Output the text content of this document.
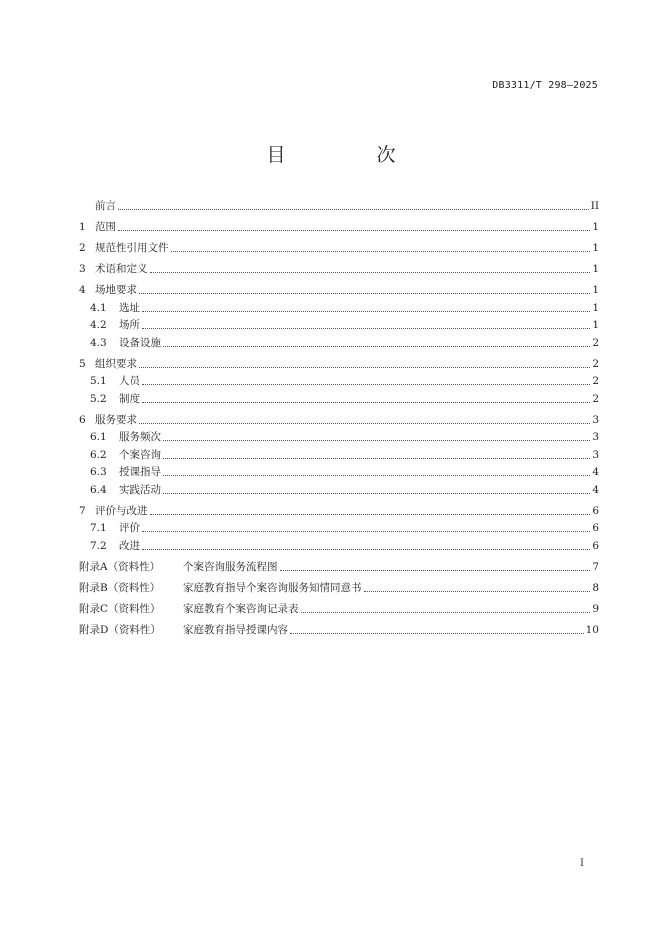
DB3311/T 298—2025
目　次
前言	II
1 范围	1
2 规范性引用文件	1
3 术语和定义	1
4 场地要求	1
4.1	选址	1
4.2	场所	1
4.3	设备设施	2
5 组织要求	2
5.1	人员	2
5.2	制度	2
6 服务要求	3
6.1	服务频次	3
6.2	个案咨询	3
6.3	授课指导	4
6.4	实践活动	4
7 评价与改进	6
7.1	评价	6
7.2	改进	6
附录A（资料性）	个案咨询服务流程图	7
附录B（资料性）	家庭教育指导个案咨询服务知情同意书	8
附录C（资料性）	家庭教育个案咨询记录表	9
附录D（资料性）	家庭教育指导授课内容	10
I
